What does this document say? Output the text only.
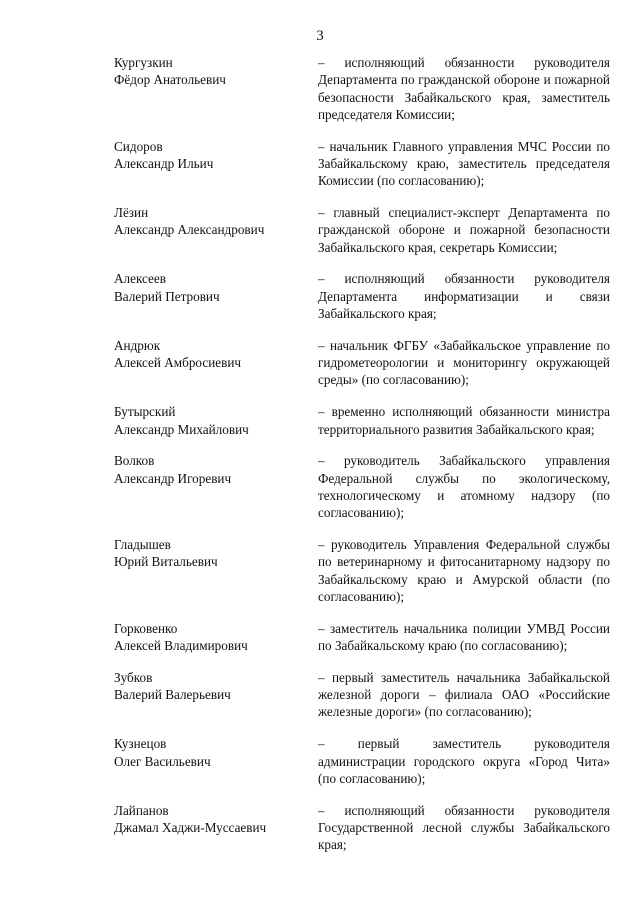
3
Кургузкин
Фёдор Анатольевич
– исполняющий обязанности руководителя Департамента по гражданской обороне и пожарной безопасности Забайкальского края, заместитель председателя Комиссии;
Сидоров
Александр Ильич
– начальник Главного управления МЧС России по Забайкальскому краю, заместитель председателя Комиссии (по согласованию);
Лёзин
Александр Александрович
– главный специалист-эксперт Департамента по гражданской обороне и пожарной безопасности Забайкальского края, секретарь Комиссии;
Алексеев
Валерий Петрович
– исполняющий обязанности руководителя Департамента информатизации и связи Забайкальского края;
Андрюк
Алексей Амбросиевич
– начальник ФГБУ «Забайкальское управление по гидрометеорологии и мониторингу окружающей среды» (по согласованию);
Бутырский
Александр Михайлович
– временно исполняющий обязанности министра территориального развития Забайкальского края;
Волков
Александр Игоревич
– руководитель Забайкальского управления Федеральной службы по экологическому, технологическому и атомному надзору (по согласованию);
Гладышев
Юрий Витальевич
– руководитель Управления Федеральной службы по ветеринарному и фитосанитарному надзору по Забайкальскому краю и Амурской области (по согласованию);
Горковенко
Алексей Владимирович
– заместитель начальника полиции УМВД России по Забайкальскому краю (по согласованию);
Зубков
Валерий Валерьевич
– первый заместитель начальника Забайкальской железной дороги – филиала ОАО «Российские железные дороги» (по согласованию);
Кузнецов
Олег Васильевич
– первый заместитель руководителя администрации городского округа «Город Чита» (по согласованию);
Лайпанов
Джамал Хаджи-Муссаевич
– исполняющий обязанности руководителя Государственной лесной службы Забайкальского края;
